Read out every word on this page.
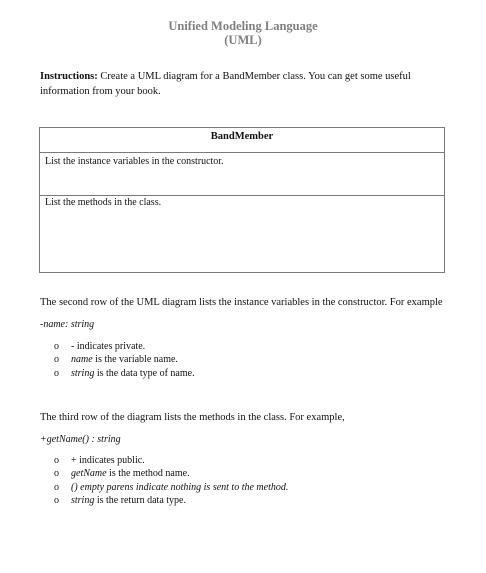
Unified Modeling Language
(UML)
Instructions: Create a UML diagram for a BandMember class. You can get some useful information from your book.
BandMember
List the instance variables in the constructor.
List the methods in the class.
The second row of the UML diagram lists the instance variables in the constructor. For example
-name: string
o - indicates private.
o name is the variable name.
o string is the data type of name.
The third row of the diagram lists the methods in the class. For example,
+getName() : string
o + indicates public.
o getName is the method name.
o () empty parens indicate nothing is sent to the method.
o string is the return data type.
